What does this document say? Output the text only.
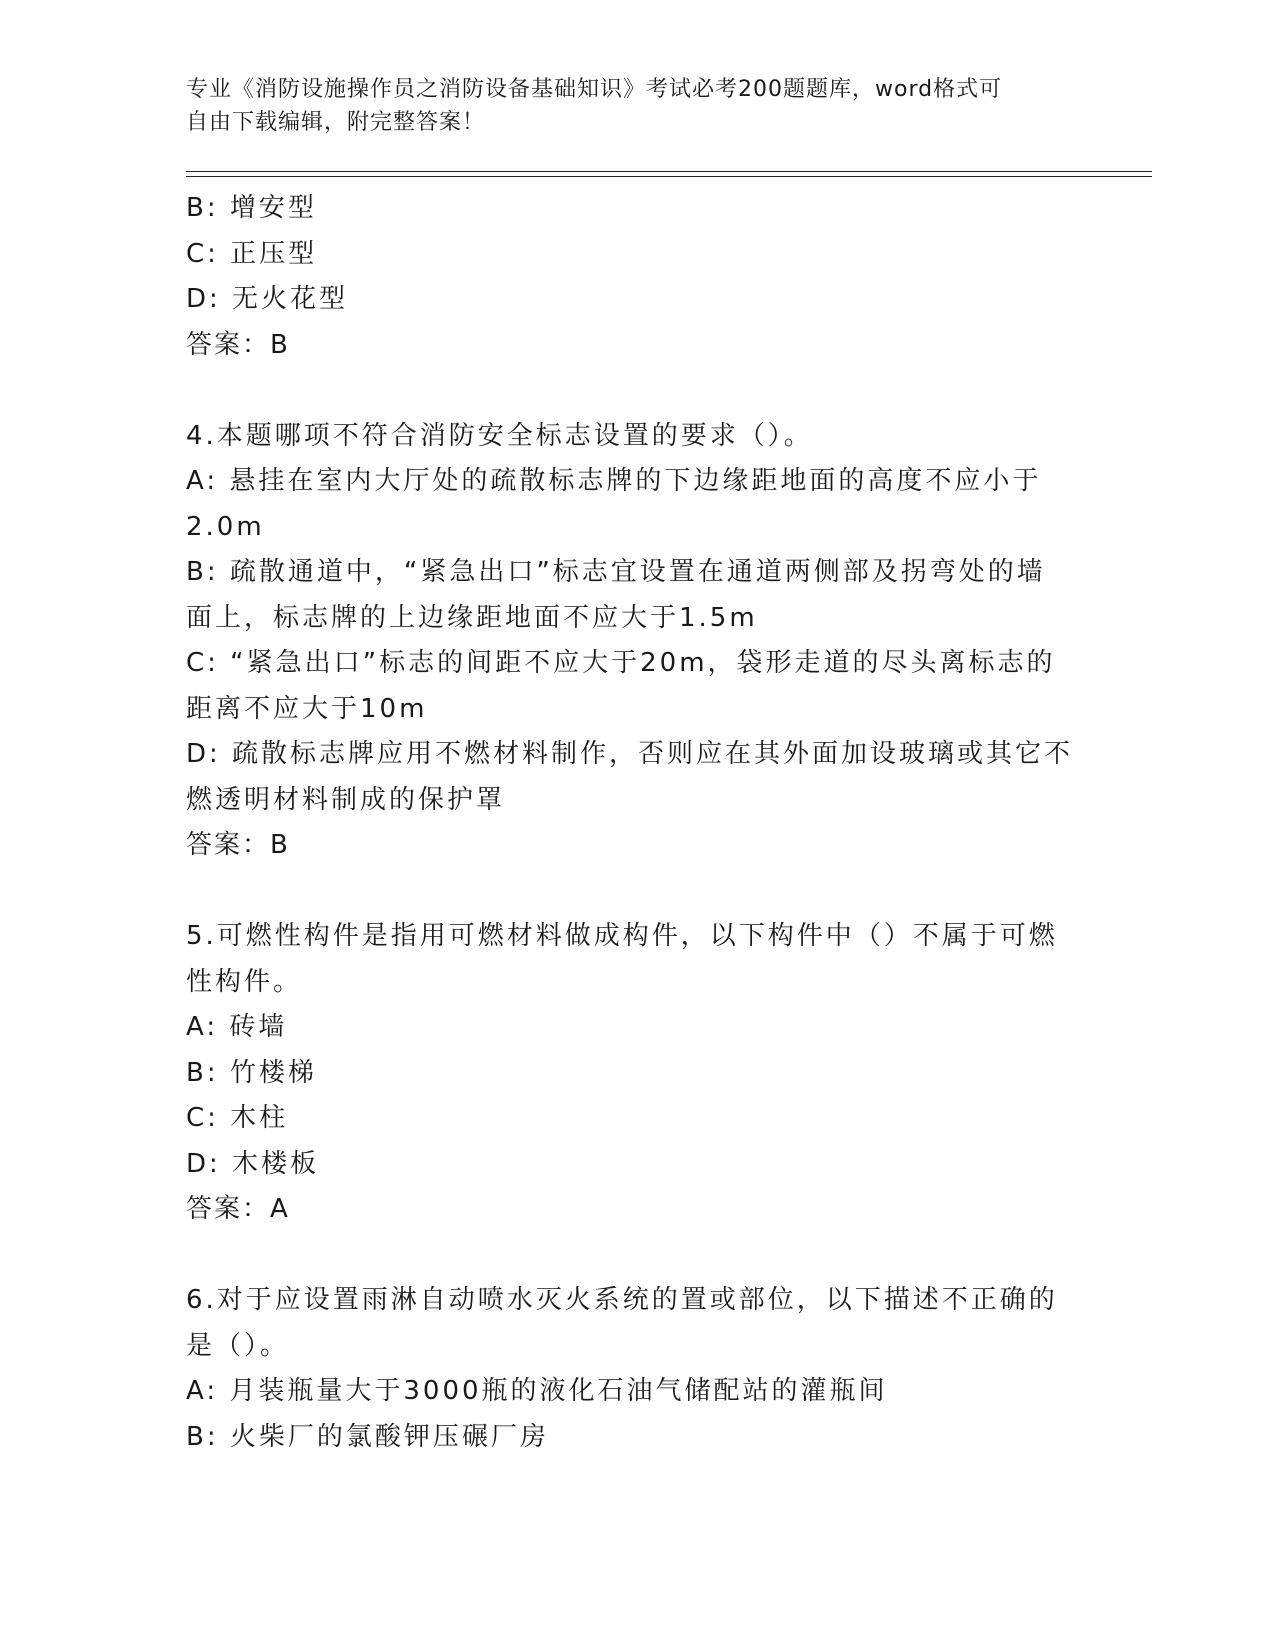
专业《消防设施操作员之消防设备基础知识》考试必考200题题库，word格式可
自由下载编辑，附完整答案！
B: 增安型
C: 正压型
D: 无火花型
答案：B
4.本题哪项不符合消防安全标志设置的要求（）。
A: 悬挂在室内大厅处的疏散标志牌的下边缘距地面的高度不应小于
2.0m
B: 疏散通道中，“紧急出口”标志宜设置在通道两侧部及拐弯处的墙
面上，标志牌的上边缘距地面不应大于1.5m
C: “紧急出口”标志的间距不应大于20m，袋形走道的尽头离标志的
距离不应大于10m
D: 疏散标志牌应用不燃材料制作，否则应在其外面加设玻璃或其它不
燃透明材料制成的保护罩
答案：B
5.可燃性构件是指用可燃材料做成构件，以下构件中（）不属于可燃
性构件。
A: 砖墙
B: 竹楼梯
C: 木柱
D: 木楼板
答案：A
6.对于应设置雨淋自动喷水灭火系统的置或部位，以下描述不正确的
是（）。
A: 月装瓶量大于3000瓶的液化石油气储配站的灌瓶间
B: 火柴厂的氯酸钾压碾厂房
